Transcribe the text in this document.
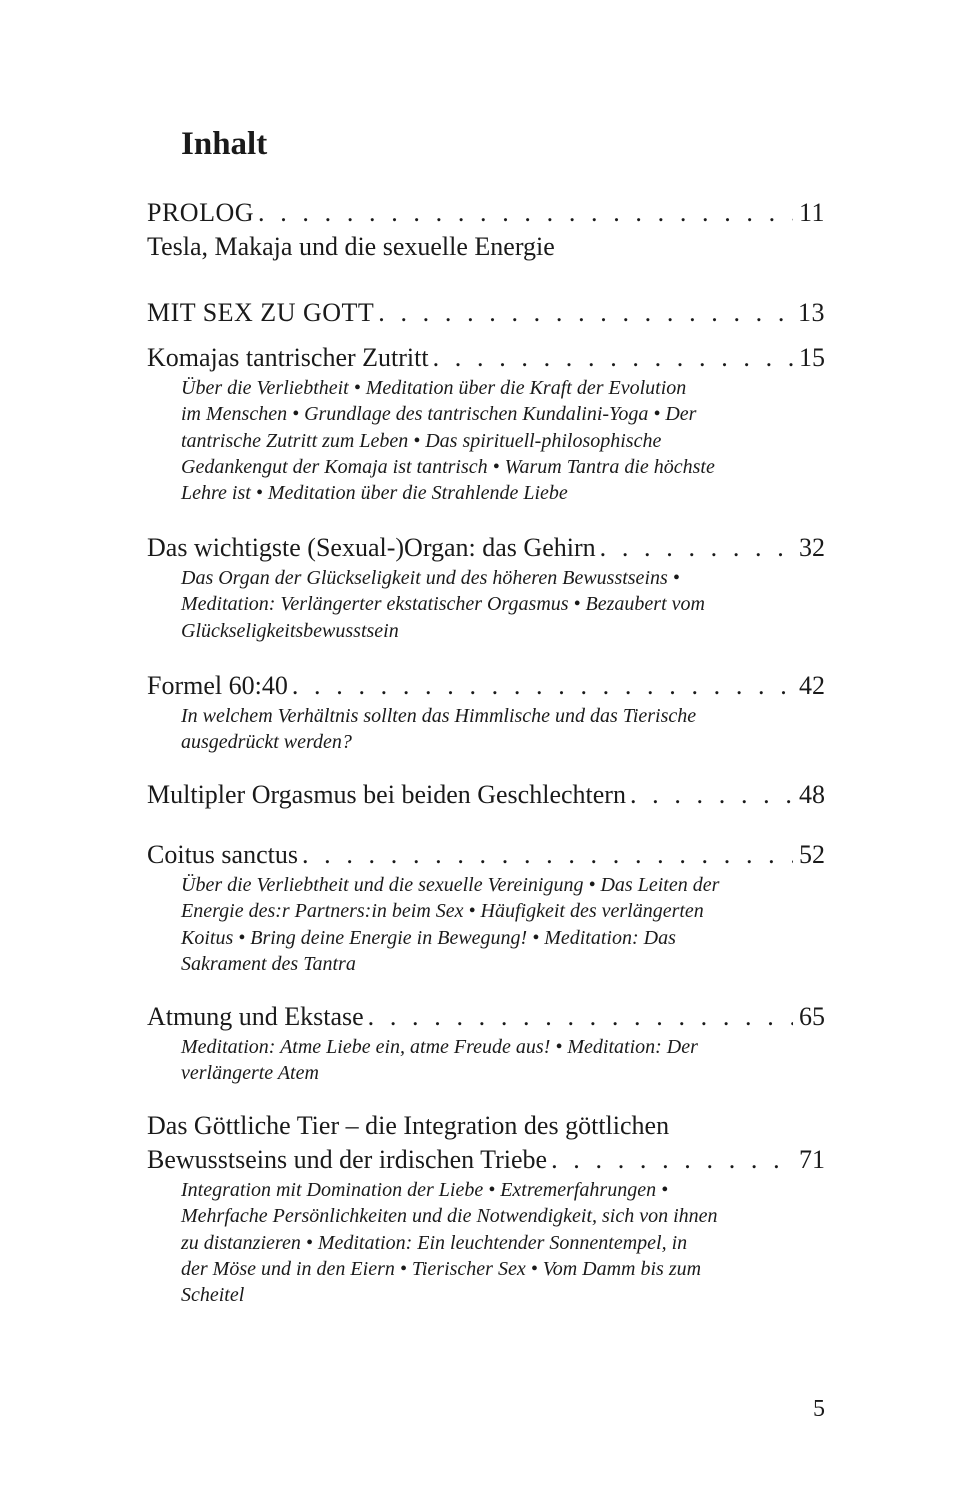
Inhalt
PROLOG . . .	11
Tesla, Makaja und die sexuelle Energie
MIT SEX ZU GOTT . . .	13
Komajas tantrischer Zutritt . . .	15
Über die Verliebtheit • Meditation über die Kraft der Evolution
im Menschen • Grundlage des tantrischen Kundalini-Yoga • Der
tantrische Zutritt zum Leben • Das spirituell-philosophische
Gedankengut der Komaja ist tantrisch • Warum Tantra die höchste
Lehre ist • Meditation über die Strahlende Liebe
Das wichtigste (Sexual-)Organ: das Gehirn . . .	32
Das Organ der Glückseligkeit und des höheren Bewusstseins •
Meditation: Verlängerter ekstatischer Orgasmus • Bezaubert vom
Glückseligkeitsbewusstsein
Formel 60:40 . . .	42
In welchem Verhältnis sollten das Himmlische und das Tierische
ausgedrückt werden?
Multipler Orgasmus bei beiden Geschlechtern . . .	48
Coitus sanctus . . .	52
Über die Verliebtheit und die sexuelle Vereinigung • Das Leiten der
Energie des:r Partners:in beim Sex • Häufigkeit des verlängerten
Koitus • Bring deine Energie in Bewegung! • Meditation: Das
Sakrament des Tantra
Atmung und Ekstase . . .	65
Meditation: Atme Liebe ein, atme Freude aus! • Meditation: Der
verlängerte Atem
Das Göttliche Tier – die Integration des göttlichen
Bewusstseins und der irdischen Triebe . . .	71
Integration mit Domination der Liebe • Extremerfahrungen •
Mehrfache Persönlichkeiten und die Notwendigkeit, sich von ihnen
zu distanzieren • Meditation: Ein leuchtender Sonnentempel, in
der Möse und in den Eiern • Tierischer Sex • Vom Damm bis zum
Scheitel
5
